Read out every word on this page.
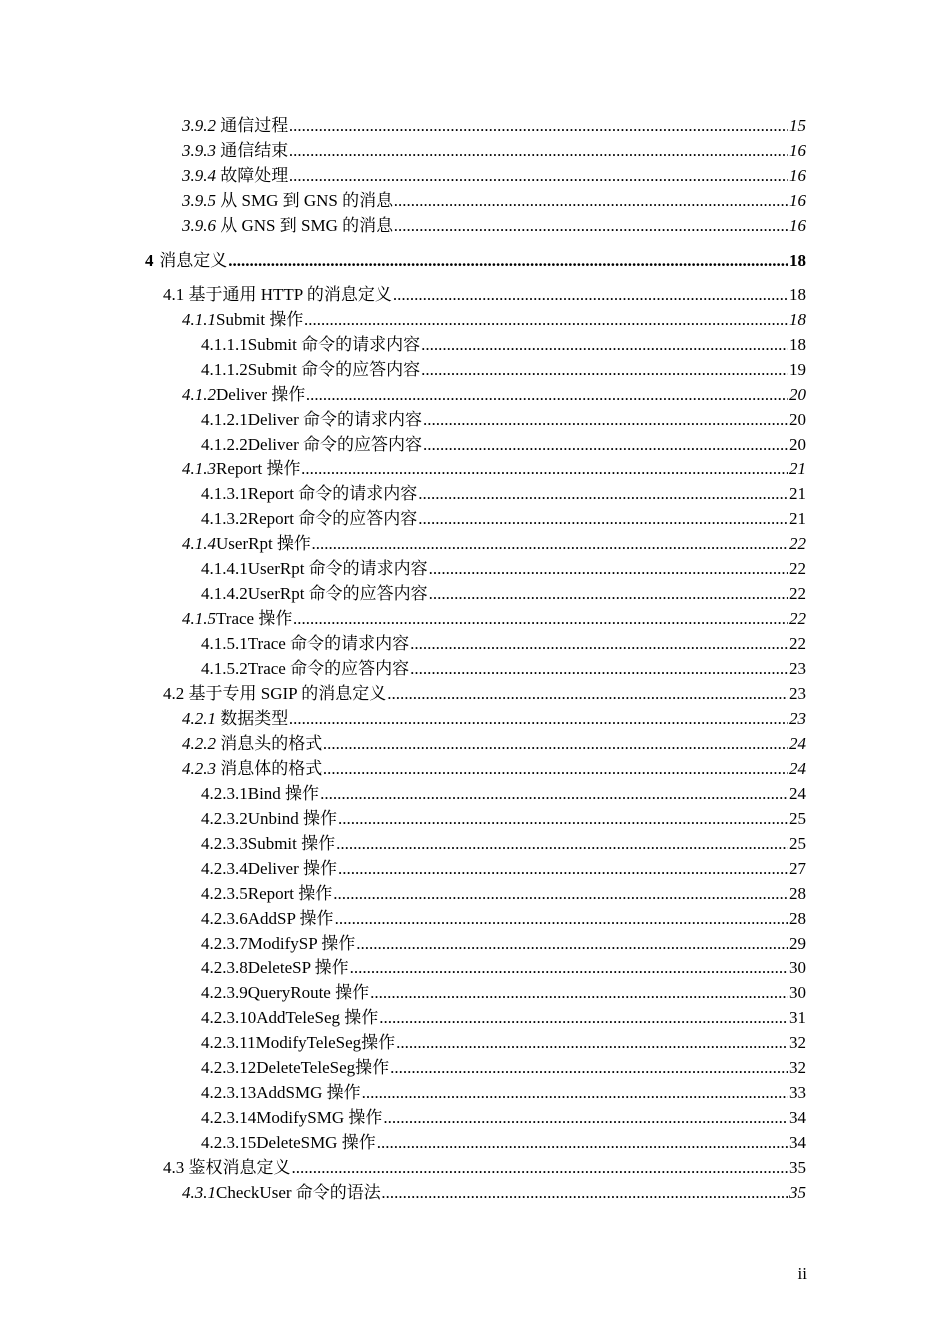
3.9.2 通信过程 .....	15
3.9.3 通信结束 .....	16
3.9.4 故障处理 .....	16
3.9.5 从 SMG 到 GNS 的消息 .....	16
3.9.6 从 GNS 到 SMG 的消息 .....	16
4 消息定义 .....	18
4.1 基于通用 HTTP 的消息定义 .....	18
4.1.1 Submit 操作 .....	18
4.1.1.1 Submit 命令的请求内容 .....	18
4.1.1.2 Submit 命令的应答内容 .....	19
4.1.2 Deliver 操作 .....	20
4.1.2.1 Deliver 命令的请求内容 .....	20
4.1.2.2 Deliver 命令的应答内容 .....	20
4.1.3 Report 操作 .....	21
4.1.3.1 Report 命令的请求内容 .....	21
4.1.3.2 Report 命令的应答内容 .....	21
4.1.4 UserRpt 操作 .....	22
4.1.4.1 UserRpt 命令的请求内容 .....	22
4.1.4.2 UserRpt 命令的应答内容 .....	22
4.1.5 Trace 操作 .....	22
4.1.5.1 Trace 命令的请求内容 .....	22
4.1.5.2 Trace 命令的应答内容 .....	23
4.2 基于专用 SGIP 的消息定义 .....	23
4.2.1 数据类型 .....	23
4.2.2 消息头的格式 .....	24
4.2.3 消息体的格式 .....	24
4.2.3.1 Bind 操作 .....	24
4.2.3.2 Unbind 操作 .....	25
4.2.3.3 Submit 操作 .....	25
4.2.3.4 Deliver 操作 .....	27
4.2.3.5 Report 操作 .....	28
4.2.3.6 AddSP 操作 .....	28
4.2.3.7 ModifySP 操作 .....	29
4.2.3.8 DeleteSP 操作 .....	30
4.2.3.9 QueryRoute 操作 .....	30
4.2.3.10 AddTeleSeg 操作 .....	31
4.2.3.11 ModifyTeleSeg操作 .....	32
4.2.3.12 DeleteTeleSeg操作 .....	32
4.2.3.13 AddSMG 操作 .....	33
4.2.3.14 ModifySMG 操作 .....	34
4.2.3.15 DeleteSMG 操作 .....	34
4.3 鉴权消息定义 .....	35
4.3.1 CheckUser 命令的语法 .....	35
ii
